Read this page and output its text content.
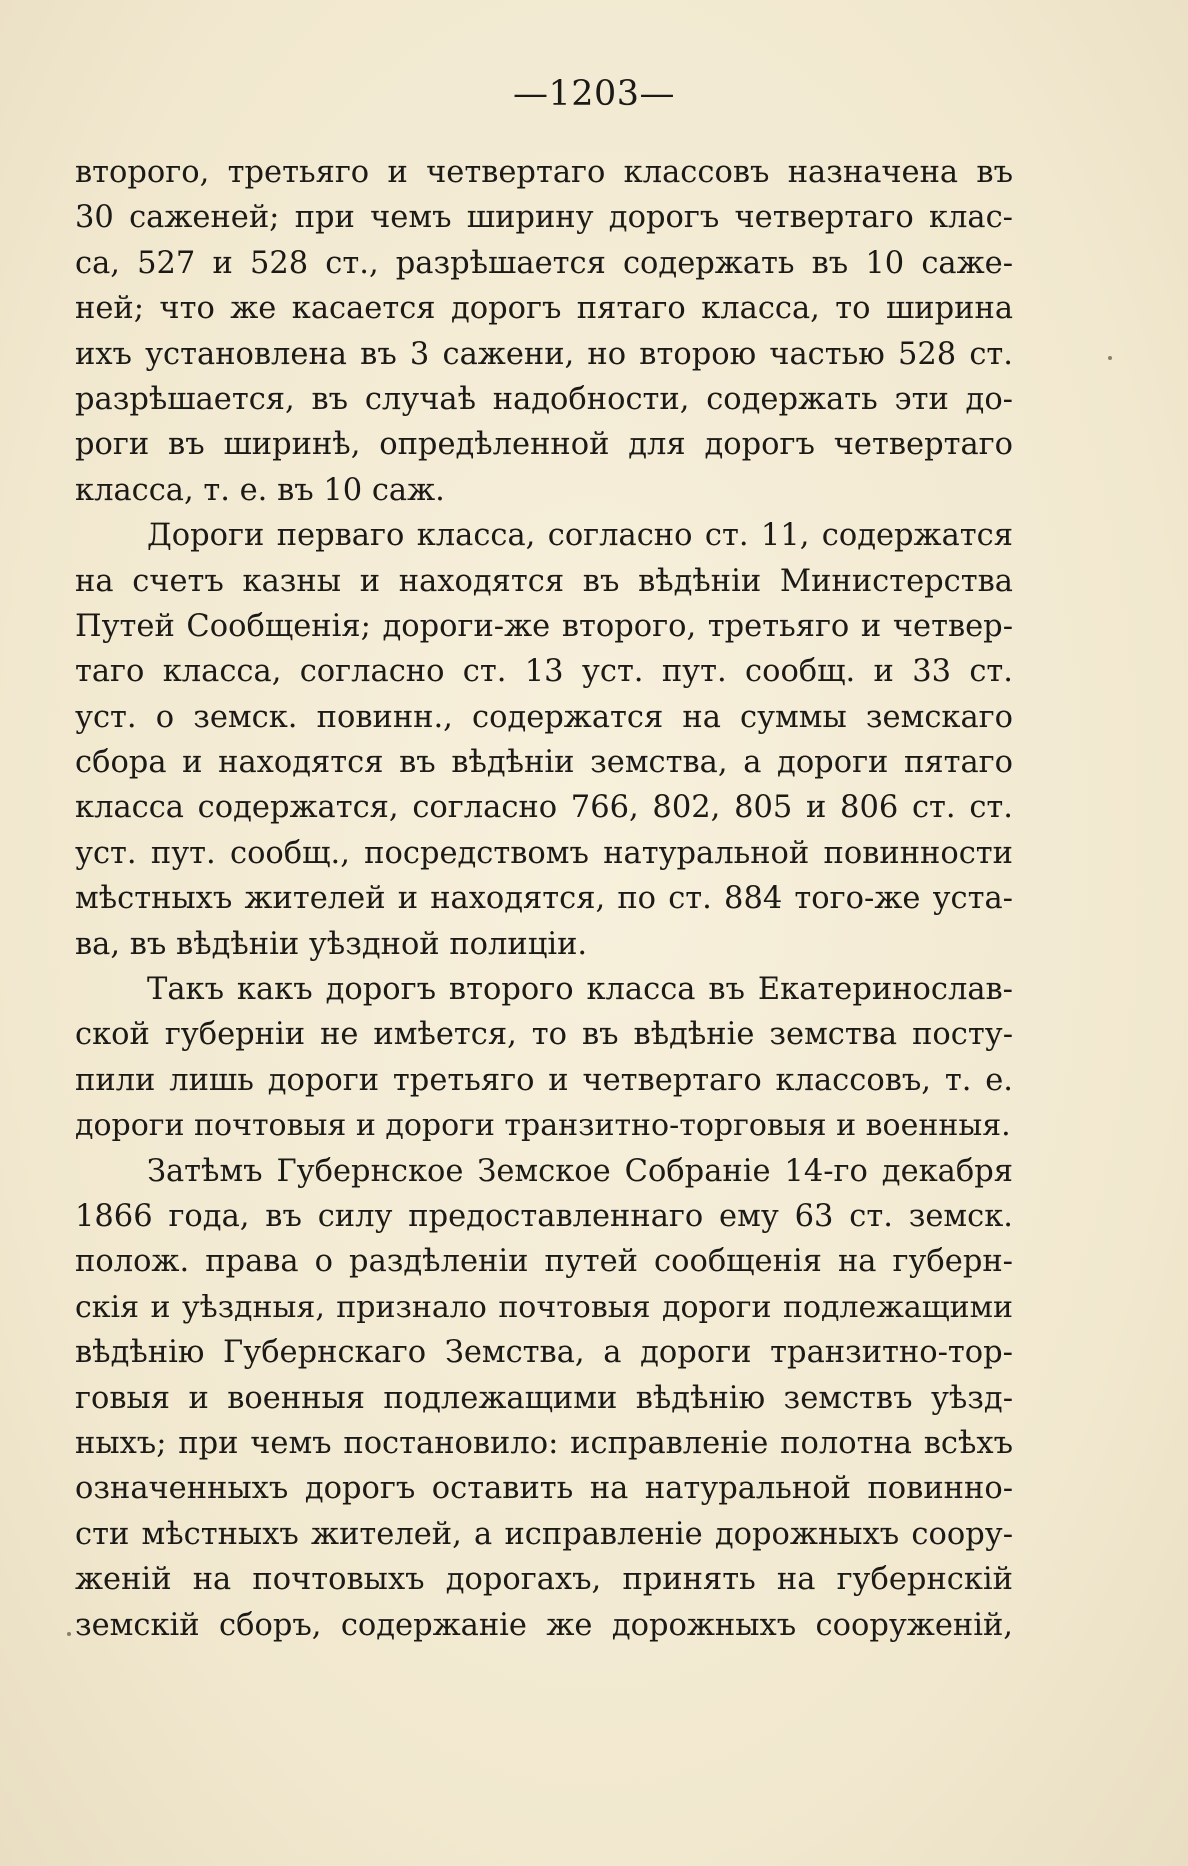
—1203—
второго, третьяго и четвертаго классовъ назначена въ
30 саженей; при чемъ ширину дорогъ четвертаго клас-
са, 527 и 528 ст., разрѣшается содержать въ 10 саже-
ней; что же касается дорогъ пятаго класса, то ширина
ихъ установлена въ 3 сажени, но второю частью 528 ст.
разрѣшается, въ случаѣ надобности, содержать эти до-
роги въ ширинѣ, опредѣленной для дорогъ четвертаго
класса, т. е. въ 10 саж.
Дороги перваго класса, согласно ст. 11, содержатся
на счетъ казны и находятся въ вѣдѣніи Министерства
Путей Сообщенія; дороги-же второго, третьяго и четвер-
таго класса, согласно ст. 13 уст. пут. сообщ. и 33 ст.
уст. о земск. повинн., содержатся на суммы земскаго
сбора и находятся въ вѣдѣніи земства, а дороги пятаго
класса содержатся, согласно 766, 802, 805 и 806 ст. ст.
уст. пут. сообщ., посредствомъ натуральной повинности
мѣстныхъ жителей и находятся, по ст. 884 того-же уста-
ва, въ вѣдѣніи уѣздной полиціи.
Такъ какъ дорогъ второго класса въ Екатеринослав-
ской губерніи не имѣется, то въ вѣдѣніе земства посту-
пили лишь дороги третьяго и четвертаго классовъ, т. е.
дороги почтовыя и дороги транзитно-торговыя и военныя.
Затѣмъ Губернское Земское Собраніе 14-го декабря
1866 года, въ силу предоставленнаго ему 63 ст. земск.
полож. права о раздѣленіи путей сообщенія на губерн-
скія и уѣздныя, признало почтовыя дороги подлежащими
вѣдѣнію Губернскаго Земства, а дороги транзитно-тор-
говыя и военныя подлежащими вѣдѣнію земствъ уѣзд-
ныхъ; при чемъ постановило: исправленіе полотна всѣхъ
означенныхъ дорогъ оставить на натуральной повинно-
сти мѣстныхъ жителей, а исправленіе дорожныхъ соору-
женій на почтовыхъ дорогахъ, принять на губернскій
земскій сборъ, содержаніе же дорожныхъ сооруженій,
